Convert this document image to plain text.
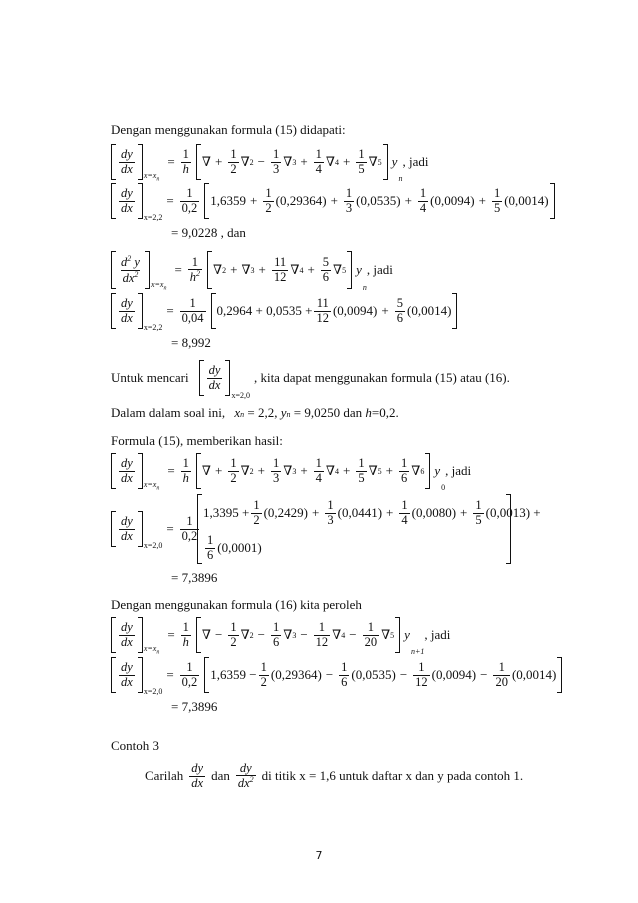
Dengan menggunakan formula (15) didapati:
$\frac{dy}{dx}$
$x=x_n$
= $\frac{1}{h}$ ∇ + $\frac{1}{2}$ ∇ $2 - \frac{1}{3}$ ∇ $3 + \frac{1}{4}$ ∇ $4 + \frac{1}{5}$ ∇ 5 y
n
, jadi
$\frac{dy}{dx}$
x=2,2
= $\frac{1}{0,2} 1,6359 + \frac{1}{2} (0,29364) + \frac{1}{3} (0,0535) + \frac{1}{4} (0,0094) + \frac{1}{5} (0,0014)$
= 9,0228 , dan
$\frac{d^2 y}{dx^2}$
$x=x_n$
= $\frac{1}{h^2}$ ∇ 2 + ∇ $3 + \frac{11}{12}$ ∇ $4 + \frac{5}{6}$ ∇ 5 y
n
, jadi
$\frac{dy}{dx}$
x=2,2
= $\frac{1}{0,04} 0,2964 + 0,0535 + \frac{11}{12} (0,0094) + \frac{5}{6} (0,0014)$
= 8,992
Untuk mencari $\frac{dy}{dx}$
x=2,0
, kita dapat menggunakan formula (15) atau (16).
Dalam dalam soal ini, xn = 2,2, yn = 9,0250 dan h=0,2.
Formula (15), memberikan hasil:
$\frac{dy}{dx}$
$x=x_n$
= $\frac{1}{h}$ ∇ + $\frac{1}{2}$ ∇ $2 + \frac{1}{3}$ ∇ $3 + \frac{1}{4}$ ∇ $4 + \frac{1}{5}$ ∇ $5 + \frac{1}{6}$ ∇ 6 y
0
, jadi
$\frac{dy}{dx}$
x=2,0
= $\frac{1}{0,2}$
$1,3395 + \frac{1}{2} (0,2429) + \frac{1}{3} (0,0441) + \frac{1}{4} (0,0080) + \frac{1}{5} (0,0013)$ +
$\frac{1}{6} (0,0001)$
= 7,3896
Dengan menggunakan formula (16) kita peroleh
$\frac{dy}{dx}$
$x=x_n$
= $\frac{1}{h}$ ∇ − $\frac{1}{2}$ ∇ $2 - \frac{1}{6}$ ∇ $3 - \frac{1}{12}$ ∇ $4 - \frac{1}{20}$ ∇ 5 y
n+1
, jadi
$\frac{dy}{dx}$
x=2,0
= $\frac{1}{0,2} 1,6359 - \frac{1}{2} (0,29364) - \frac{1}{6} (0,0535) - \frac{1}{12} (0,0094) - \frac{1}{20} (0,0014)$
= 7,3896
Contoh 3
Carilah $\frac{dy}{dx}$ dan $\frac{dy}{dx^2}$ di titik x = 1,6 untuk daftar x dan y pada contoh 1.
7
